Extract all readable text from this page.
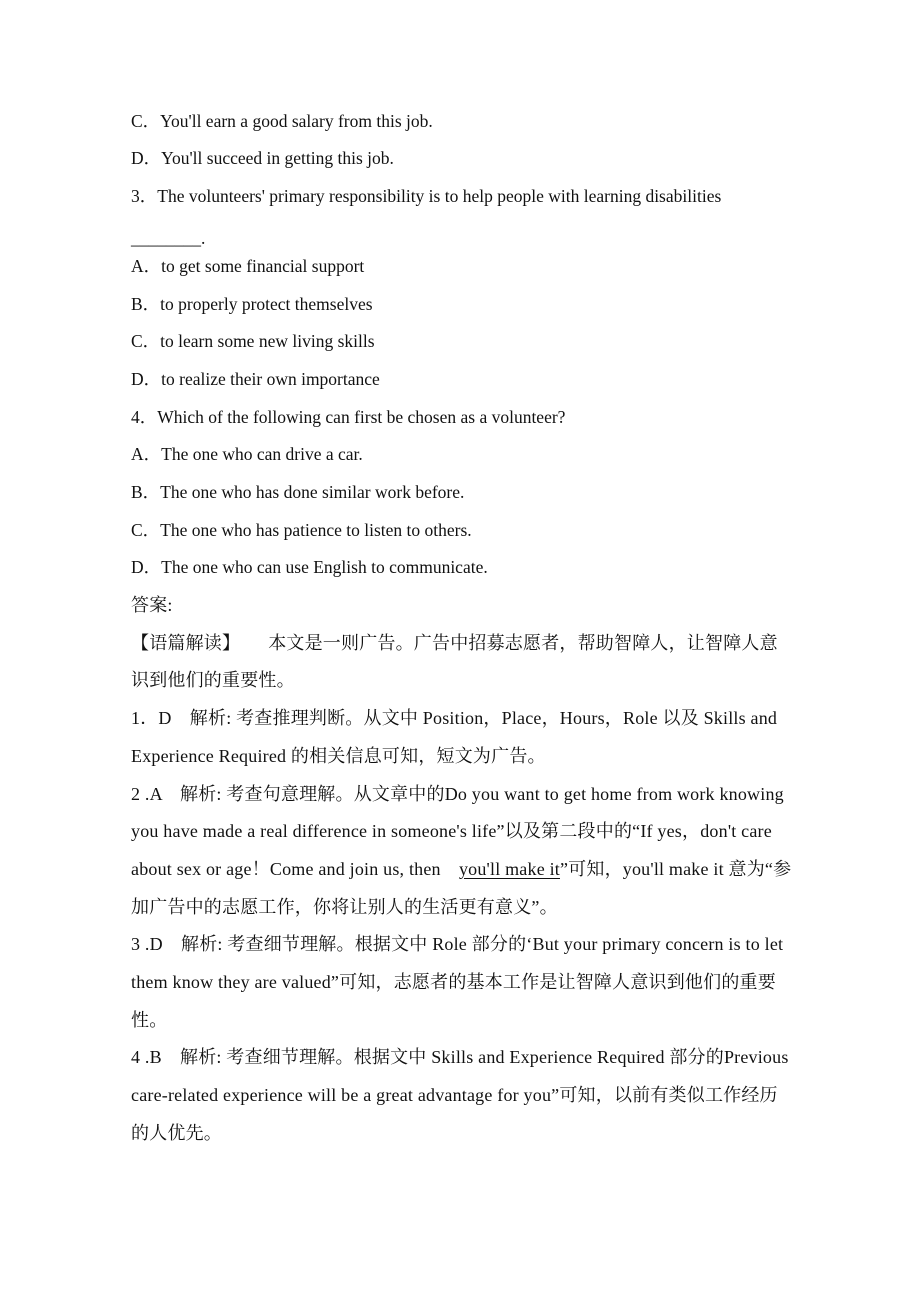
C．You'll earn a good salary from this job.
D．You'll succeed in getting this job.
3．The volunteers' primary responsibility is to help people with learning disabilities
________.
A．to get some financial support
B．to properly protect themselves
C．to learn some new living skills
D．to realize their own importance
4．Which of the following can first be chosen as a volunteer?
A．The one who can drive a car.
B．The one who has done similar work before.
C．The one who has patience to listen to others.
D．The one who can use English to communicate.
答案:
【语篇解读】 本文是一则广告。广告中招募志愿者，帮助智障人，让智障人意
识到他们的重要性。
1．D　解析: 考查推理判断。从文中 Position，Place，Hours，Role 以及 Skills and
Experience Required 的相关信息可知，短文为广告。
2 .A　解析: 考查句意理解。从文章中的Do you want to get home from work knowing
you have made a real difference in someone's life”以及第二段中的“If yes，don't care
about sex or age！Come and join us, then　you'll make it”可知，you'll make it 意为“参
加广告中的志愿工作，你将让别人的生活更有意义”。
3 .D　解析: 考查细节理解。根据文中 Role 部分的‘But your primary concern is to let
them know they are valued”可知，志愿者的基本工作是让智障人意识到他们的重要
性。
4 .B　解析: 考查细节理解。根据文中 Skills and Experience Required 部分的Previous
care-related experience will be a great advantage for you”可知，以前有类似工作经历
的人优先。
